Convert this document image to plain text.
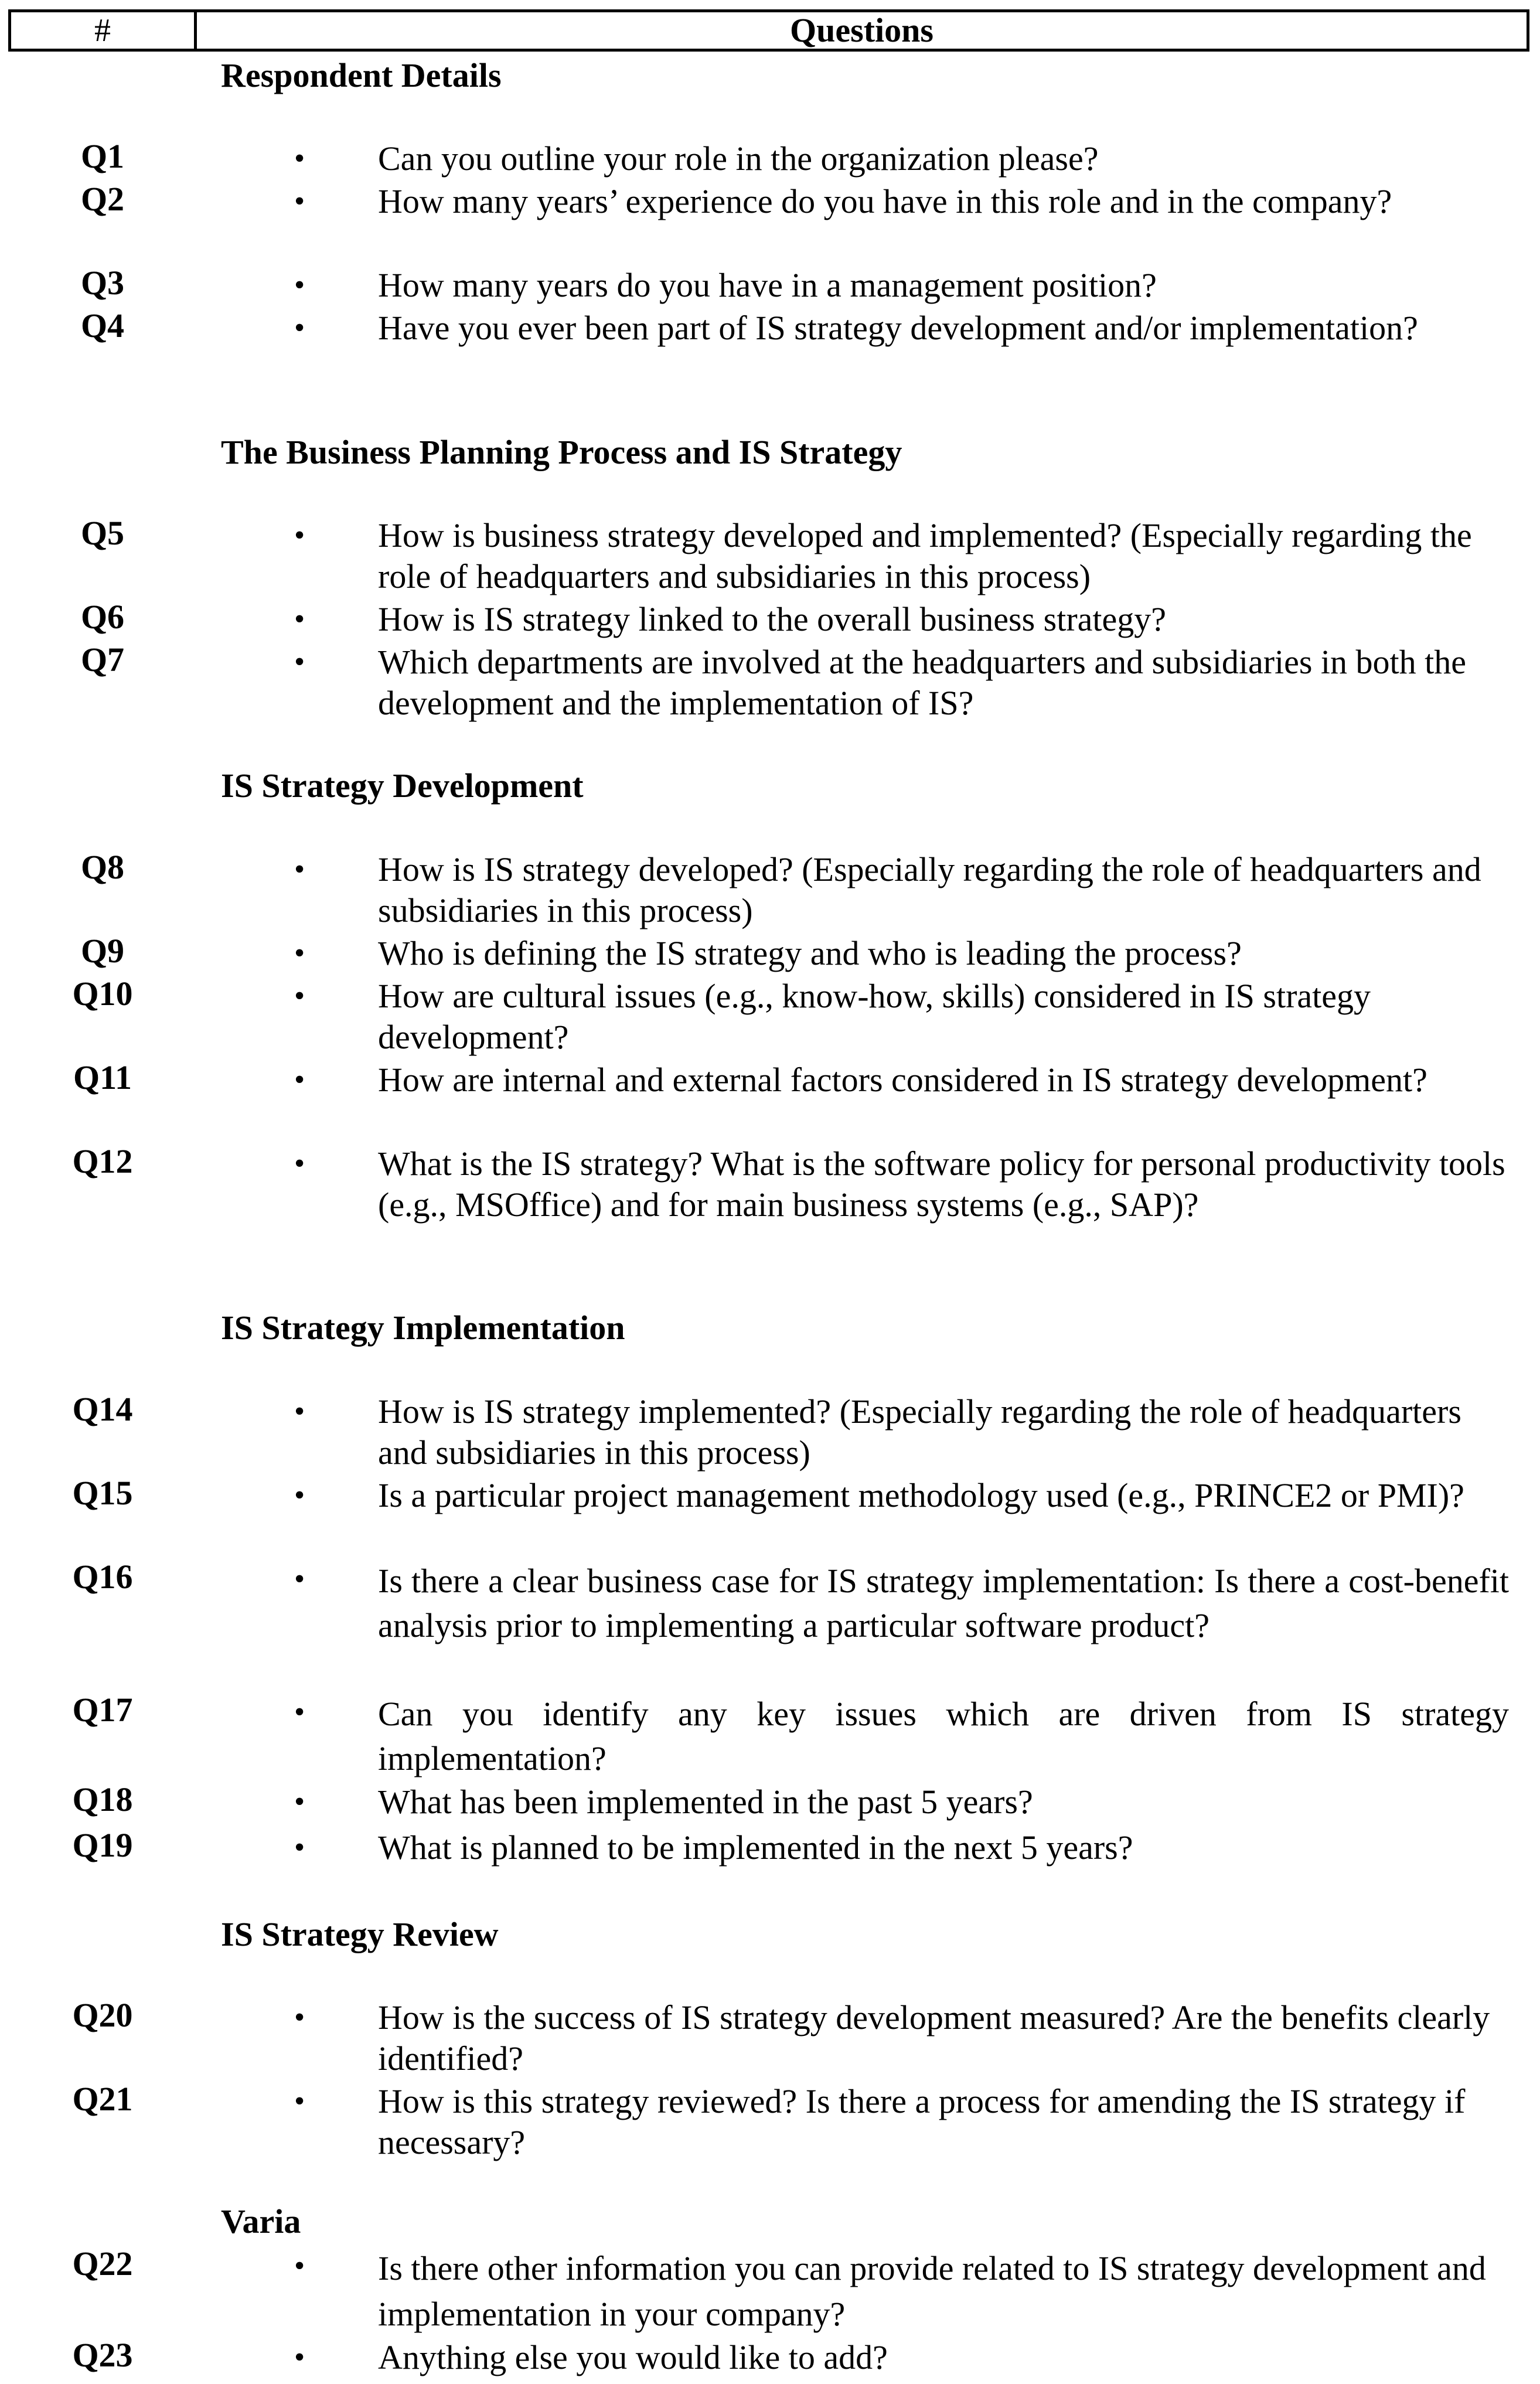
#	Questions
Respondent Details
Q1	• Can you outline your role in the organization please?
Q2	• How many years’ experience do you have in this role and in the company?
Q3	• How many years do you have in a management position?
Q4	• Have you ever been part of IS strategy development and/or implementation?
The Business Planning Process and IS Strategy
Q5	• How is business strategy developed and implemented? (Especially regarding the role of headquarters and subsidiaries in this process)
Q6	• How is IS strategy linked to the overall business strategy?
Q7	• Which departments are involved at the headquarters and subsidiaries in both the development and the implementation of IS?
IS Strategy Development
Q8	• How is IS strategy developed? (Especially regarding the role of headquarters and subsidiaries in this process)
Q9	• Who is defining the IS strategy and who is leading the process?
Q10	• How are cultural issues (e.g., know-how, skills) considered in IS strategy development?
Q11	• How are internal and external factors considered in IS strategy development?
Q12	• What is the IS strategy? What is the software policy for personal productivity tools (e.g., MSOffice) and for main business systems (e.g., SAP)?
IS Strategy Implementation
Q14	• How is IS strategy implemented? (Especially regarding the role of headquarters and subsidiaries in this process)
Q15	• Is a particular project management methodology used (e.g., PRINCE2 or PMI)?
Q16	• Is there a clear business case for IS strategy implementation: Is there a cost-benefit analysis prior to implementing a particular software product?
Q17	• Can you identify any key issues which are driven from IS strategy implementation?
Q18	• What has been implemented in the past 5 years?
Q19	• What is planned to be implemented in the next 5 years?
IS Strategy Review
Q20	• How is the success of IS strategy development measured? Are the benefits clearly identified?
Q21	• How is this strategy reviewed? Is there a process for amending the IS strategy if necessary?
Varia
Q22	• Is there other information you can provide related to IS strategy development and implementation in your company?
Q23	• Anything else you would like to add?
